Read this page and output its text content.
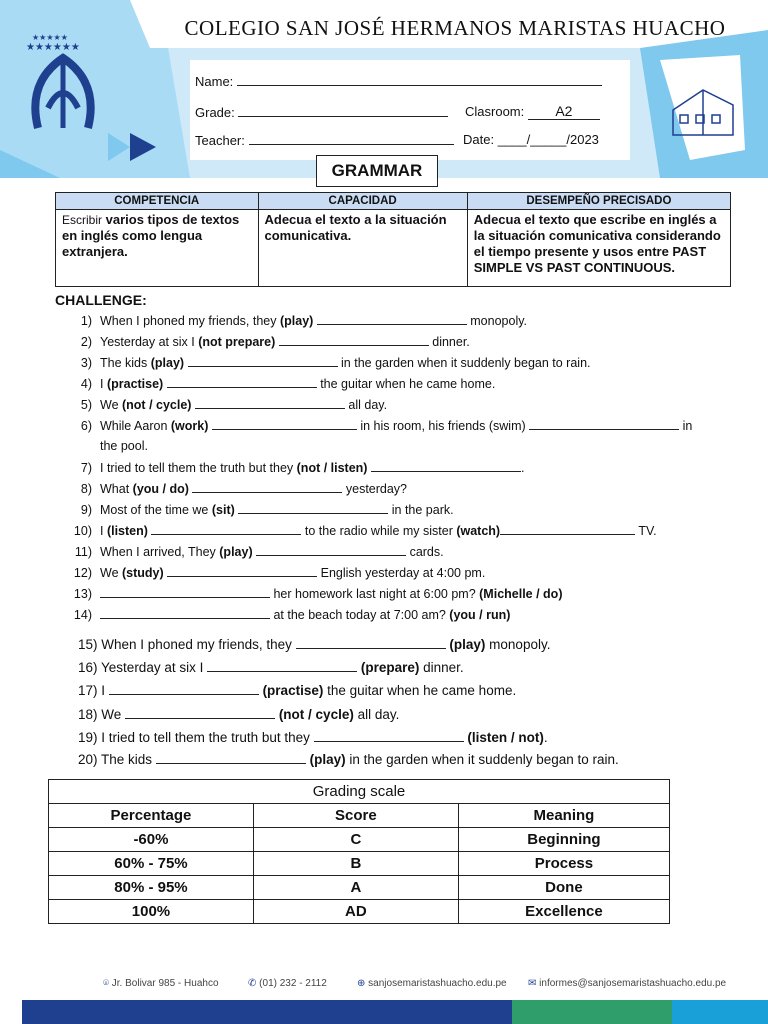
★★★★★★
★★★★★	COLEGIO SAN JOSÉ HERMANOS MARISTAS HUACHO
Name:
Grade:	Clasroom: A2
Teacher:	Date: ____/_____/2023
GRAMMAR
COMPETENCIA	CAPACIDAD	DESEMPEÑO PRECISADO
Escribir varios tipos de textos en inglés como lengua extranjera.	Adecua el texto a la situación comunicativa.	Adecua el texto que escribe en inglés a la situación comunicativa considerando el tiempo presente y usos entre PAST SIMPLE VS PAST CONTINUOUS.
CHALLENGE:
1) When I phoned my friends, they (play)	monopoly.
2) Yesterday at six I (not prepare)	dinner.
3) The kids (play)	in the garden when it suddenly began to rain.
4) I (practise)	the guitar when he came home.
5) We (not / cycle)	all day.
the pool.
6) While Aaron (work)	in his room, his friends (swim)	in
7) I tried to tell them the truth but they (not / listen)	.
8) What (you / do)	yesterday?
9) Most of the time we (sit)	in the park.
10) I (listen)	to the radio while my sister (watch)	TV.
11) When I arrived, They (play)	cards.
12) We (study)	English yesterday at 4:00 pm.
13)	her homework last night at 6:00 pm? (Michelle / do)
14)	at the beach today at 7:00 am? (you / run)
15) When I phoned my friends, they	(play) monopoly.
16) Yesterday at six I	(prepare) dinner.
17) I	(practise) the guitar when he came home.
18) We	(not / cycle) all day.
19) I tried to tell them the truth but they	(listen / not).
20) The kids	(play) in the garden when it suddenly began to rain.
Grading scale		
Percentage	Score	Meaning
-60%	C	Beginning
60% - 75%	B	Process
80% - 95%	A	Done
100%	AD	Excellence
⌾ Jr. Bolivar 985 - Huahco	✆ (01) 232 - 2112	⊕ sanjosemaristashuacho.edu.pe ✉ informes@sanjosemaristashuacho.edu.pe
